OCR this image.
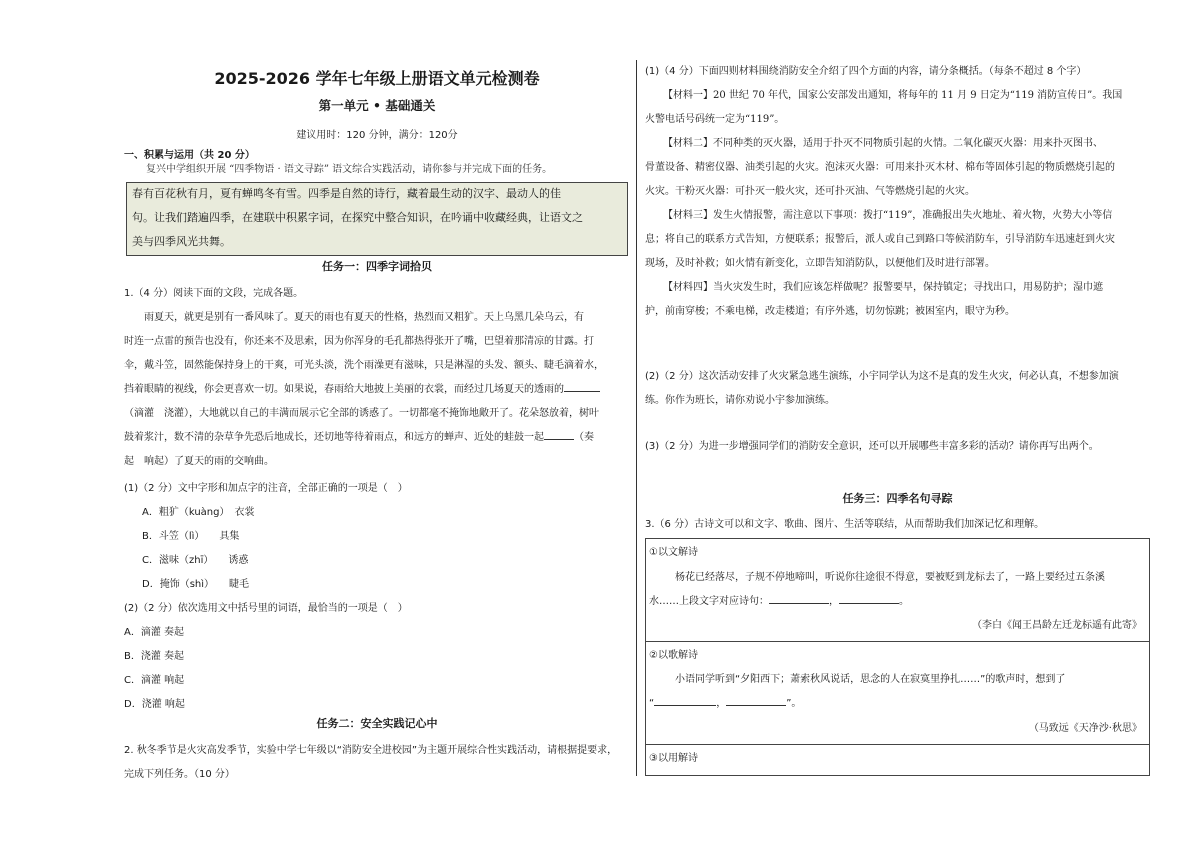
2025-2026 学年七年级上册语文单元检测卷
第一单元 • 基础通关
建议用时：120 分钟，满分：120分
一、积累与运用（共 20 分）
复兴中学组织开展 “四季物语 · 语文寻踪” 语文综合实践活动，请你参与并完成下面的任务。
春有百花秋有月，夏有蝉鸣冬有雪。四季是自然的诗行，藏着最生动的汉字、最动人的佳
句。让我们踏遍四季，在建联中积累字词，在探究中整合知识，在吟诵中收藏经典，让语文之
美与四季风光共舞。
任务一：四季字词拾贝
1.（4 分）阅读下面的文段，完成各题。
雨夏天，就更是别有一番风味了。夏天的雨也有夏天的性格，热烈而又粗犷。天上乌黑几朵乌云，有
时连一点雷的预告也没有，你还来不及思索，因为你浑身的毛孔都热得张开了嘴，巴望着那清凉的甘露。打
伞，戴斗笠，固然能保持身上的干爽，可光头淡，洗个雨澡更有滋味，只是淋湿的头发、额头、睫毛滴着水，
挡着眼睛的视线，你会更喜欢一切。如果说，春雨给大地披上美丽的衣裳，而经过几场夏天的透雨的
（滴灌　浇灌），大地就以自己的丰满而展示它全部的诱惑了。一切都毫不掩饰地敞开了。花朵怒放着，树叶
鼓着浆汁，数不清的杂草争先恐后地成长，还切地等待着雨点，和远方的蝉声、近处的蛙鼓一起	（奏
起　响起）了夏天的雨的交响曲。
(1)（2 分）文中字形和加点字的注音，全部正确的一项是（　）
A．粗犷（kuàng）　衣裳
B．斗笠（lì）　　具集
C．滋味（zhī）　　诱惑
D．掩饰（shì）　　睫毛
(2)（2 分）依次选用文中括号里的词语，最恰当的一项是（　）
A．滴灌 奏起
B．浇灌 奏起
C．滴灌 响起
D．浇灌 响起
任务二：安全实践记心中
2. 秋冬季节是火灾高发季节，实验中学七年级以“消防安全进校园”为主题开展综合性实践活动，请根据提要求，
完成下列任务。（10 分）
(1)（4 分）下面四则材料围绕消防安全介绍了四个方面的内容，请分条概括。（每条不超过 8 个字）
【材料一】20 世纪 70 年代，国家公安部发出通知，将每年的 11 月 9 日定为“119 消防宣传日”。我国
火警电话号码统一定为“119”。
【材料二】不同种类的灭火器，适用于扑灭不同物质引起的火情。二氧化碳灭火器：用来扑灭图书、
骨董设备、精密仪器、油类引起的火灾。泡沫灭火器：可用来扑灭木材、棉布等固体引起的物质燃烧引起的
火灾。干粉灭火器：可扑灭一般火灾，还可扑灭油、气等燃烧引起的火灾。
【材料三】发生火情报警，需注意以下事项：拨打“119”，准确报出失火地址、着火物，火势大小等信
息；将自己的联系方式告知，方便联系；报警后，派人或自己到路口等候消防车，引导消防车迅速赶到火灾
现场，及时补救；如火情有新变化，立即告知消防队，以便他们及时进行部署。
【材料四】当火灾发生时，我们应该怎样做呢？报警要早，保持镇定；寻找出口，用易防护；湿巾遮
护，前南穿梭；不乘电梯，改走楼道；有序外逃，切勿惊跳；被困室内，眼守为秒。
(2)（2 分）这次活动安排了火灾紧急逃生演练，小宇同学认为这不是真的发生火灾，何必认真，不想参加演
练。你作为班长，请你劝说小宇参加演练。
(3)（2 分）为进一步增强同学们的消防安全意识，还可以开展哪些丰富多彩的活动？请你再写出两个。
任务三：四季名句寻踪
3.（6 分）古诗文可以和文字、歌曲、图片、生活等联结，从而帮助我们加深记忆和理解。
①以文解诗
杨花已经落尽，子规不停地啼叫，听说你往途很不得意，要被贬到龙标去了，一路上要经过五条溪
水……上段文字对应诗句：	，	。
（李白《闻王昌龄左迁龙标遥有此寄》
②以歌解诗
小语同学听到“夕阳西下；萧索秋风说话，思念的人在寂寞里挣扎……”的歌声时，想到了
“	，	”。
（马致远《天净沙·秋思》
③以用解诗
